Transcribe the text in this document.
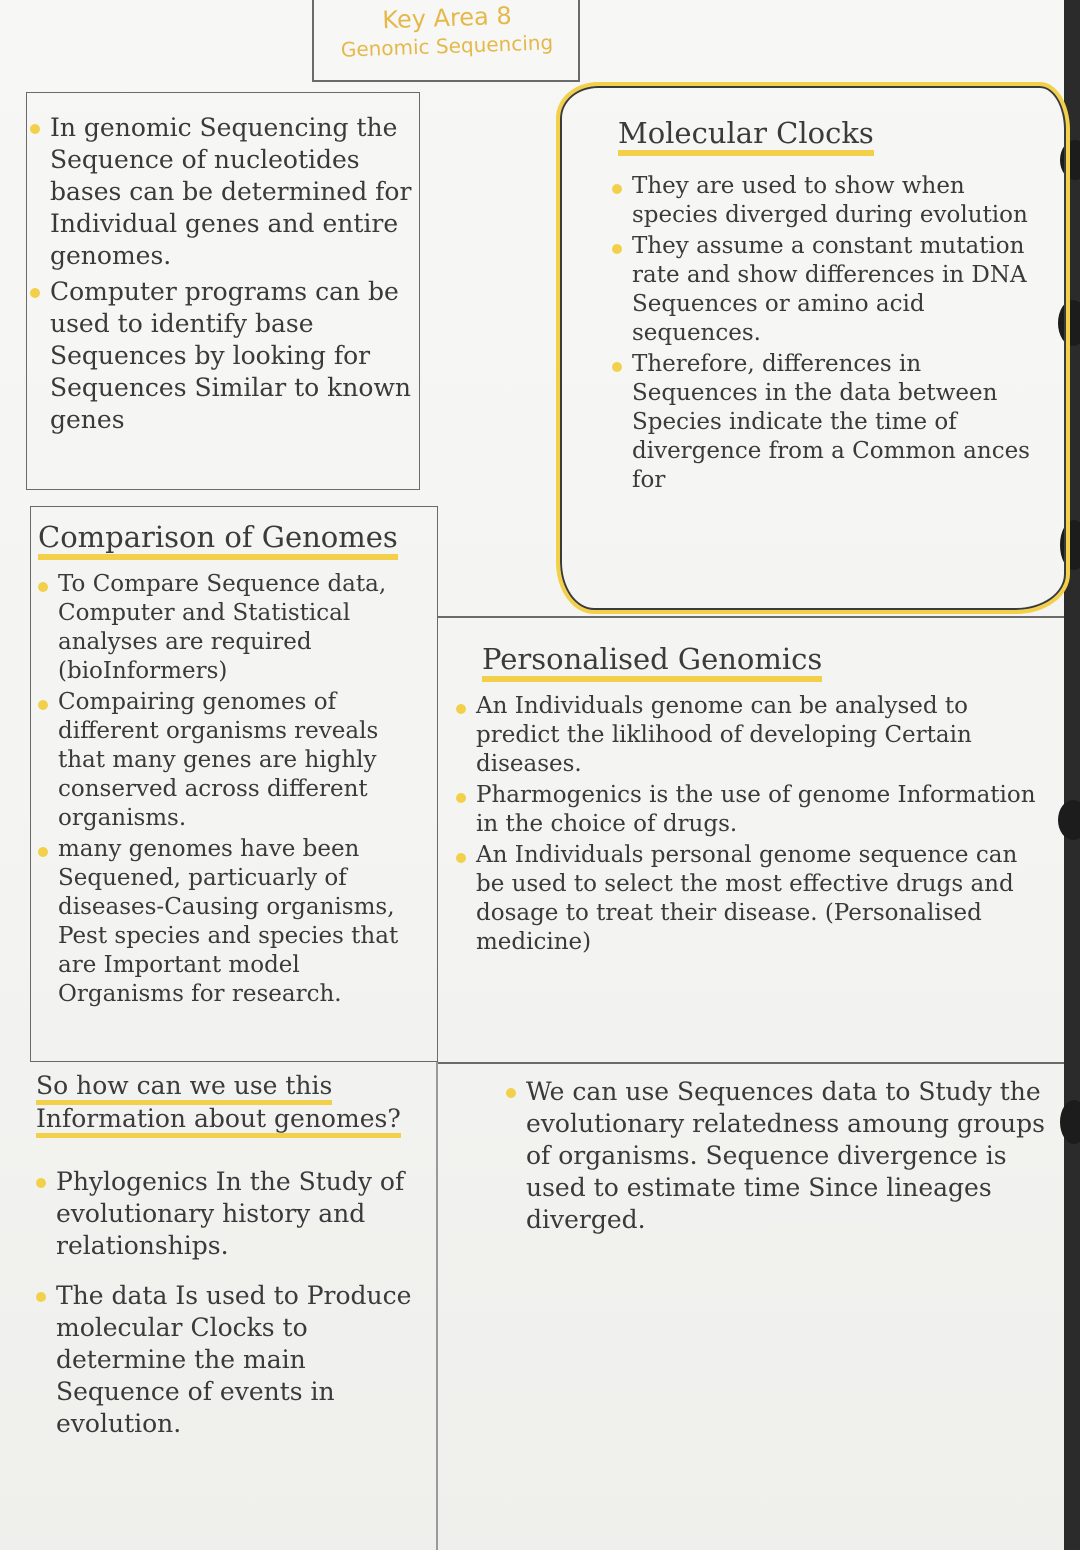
Key Area 8
Genomic Sequencing

In genomic Sequencing the Sequence of nucleotides bases can be determined for Individual genes and entire genomes.

Computer programs can be used to identify base Sequences by looking for Sequences Similar to known genes

Molecular Clocks

They are used to show when species diverged during evolution

They assume a constant mutation rate and show differences in DNA Sequences or amino acid sequences.

Therefore, differences in Sequences in the data between Species indicate the time of divergence from a Common ances for

Comparison of Genomes

To Compare Sequence data, Computer and Statistical analyses are required (bioInformers)

Compairing genomes of different organisms reveals that many genes are highly conserved across different organisms.

many genomes have been Sequened, particuarly of diseases-Causing organisms, Pest species and species that are Important model Organisms for research.

Personalised Genomics

An Individuals genome can be analysed to predict the liklihood of developing Certain diseases.

Pharmogenics is the use of genome Information in the choice of drugs.

An Individuals personal genome sequence can be used to select the most effective drugs and dosage to treat their disease. (Personalised medicine)

So how can we use this
Information about genomes?

Phylogenics In the Study of evolutionary history and relationships.

The data Is used to Produce molecular Clocks to determine the main Sequence of events in evolution.

We can use Sequences data to Study the evolutionary relatedness amoung groups of organisms. Sequence divergence is used to estimate time Since lineages diverged.
